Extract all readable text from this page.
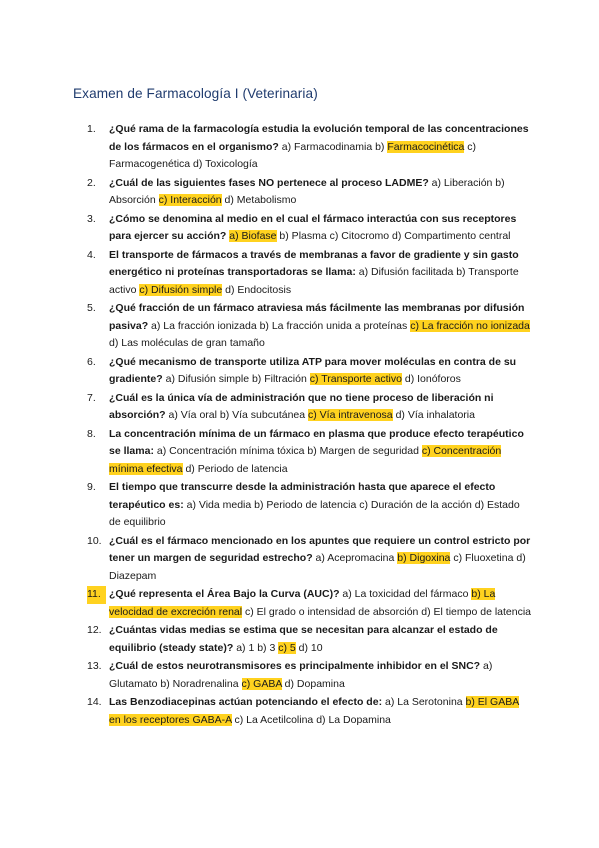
Examen de Farmacología I (Veterinaria)
1.	¿Qué rama de la farmacología estudia la evolución temporal de las concentraciones de los fármacos en el organismo? a) Farmacodinamia b) Farmacocinética c) Farmacogenética d) Toxicología
2.	¿Cuál de las siguientes fases NO pertenece al proceso LADME? a) Liberación b) Absorción c) Interacción d) Metabolismo
3.	¿Cómo se denomina al medio en el cual el fármaco interactúa con sus receptores para ejercer su acción? a) Biofase b) Plasma c) Citocromo d) Compartimento central
4.	El transporte de fármacos a través de membranas a favor de gradiente y sin gasto energético ni proteínas transportadoras se llama: a) Difusión facilitada b) Transporte activo c) Difusión simple d) Endocitosis
5.	¿Qué fracción de un fármaco atraviesa más fácilmente las membranas por difusión pasiva? a) La fracción ionizada b) La fracción unida a proteínas c) La fracción no ionizada d) Las moléculas de gran tamaño
6.	¿Qué mecanismo de transporte utiliza ATP para mover moléculas en contra de su gradiente? a) Difusión simple b) Filtración c) Transporte activo d) Ionóforos
7.	¿Cuál es la única vía de administración que no tiene proceso de liberación ni absorción? a) Vía oral b) Vía subcutánea c) Vía intravenosa d) Vía inhalatoria
8.	La concentración mínima de un fármaco en plasma que produce efecto terapéutico se llama: a) Concentración mínima tóxica b) Margen de seguridad c) Concentración mínima efectiva d) Periodo de latencia
9.	El tiempo que transcurre desde la administración hasta que aparece el efecto terapéutico es: a) Vida media b) Periodo de latencia c) Duración de la acción d) Estado de equilibrio
10. ¿Cuál es el fármaco mencionado en los apuntes que requiere un control estricto por tener un margen de seguridad estrecho? a) Acepromacina b) Digoxina c) Fluoxetina d) Diazepam
11. ¿Qué representa el Área Bajo la Curva (AUC)? a) La toxicidad del fármaco b) La velocidad de excreción renal c) El grado o intensidad de absorción d) El tiempo de latencia
12. ¿Cuántas vidas medias se estima que se necesitan para alcanzar el estado de equilibrio (steady state)? a) 1 b) 3 c) 5 d) 10
13. ¿Cuál de estos neurotransmisores es principalmente inhibidor en el SNC? a) Glutamato b) Noradrenalina c) GABA d) Dopamina
14. Las Benzodiacepinas actúan potenciando el efecto de: a) La Serotonina b) El GABA en los receptores GABA-A c) La Acetilcolina d) La Dopamina
